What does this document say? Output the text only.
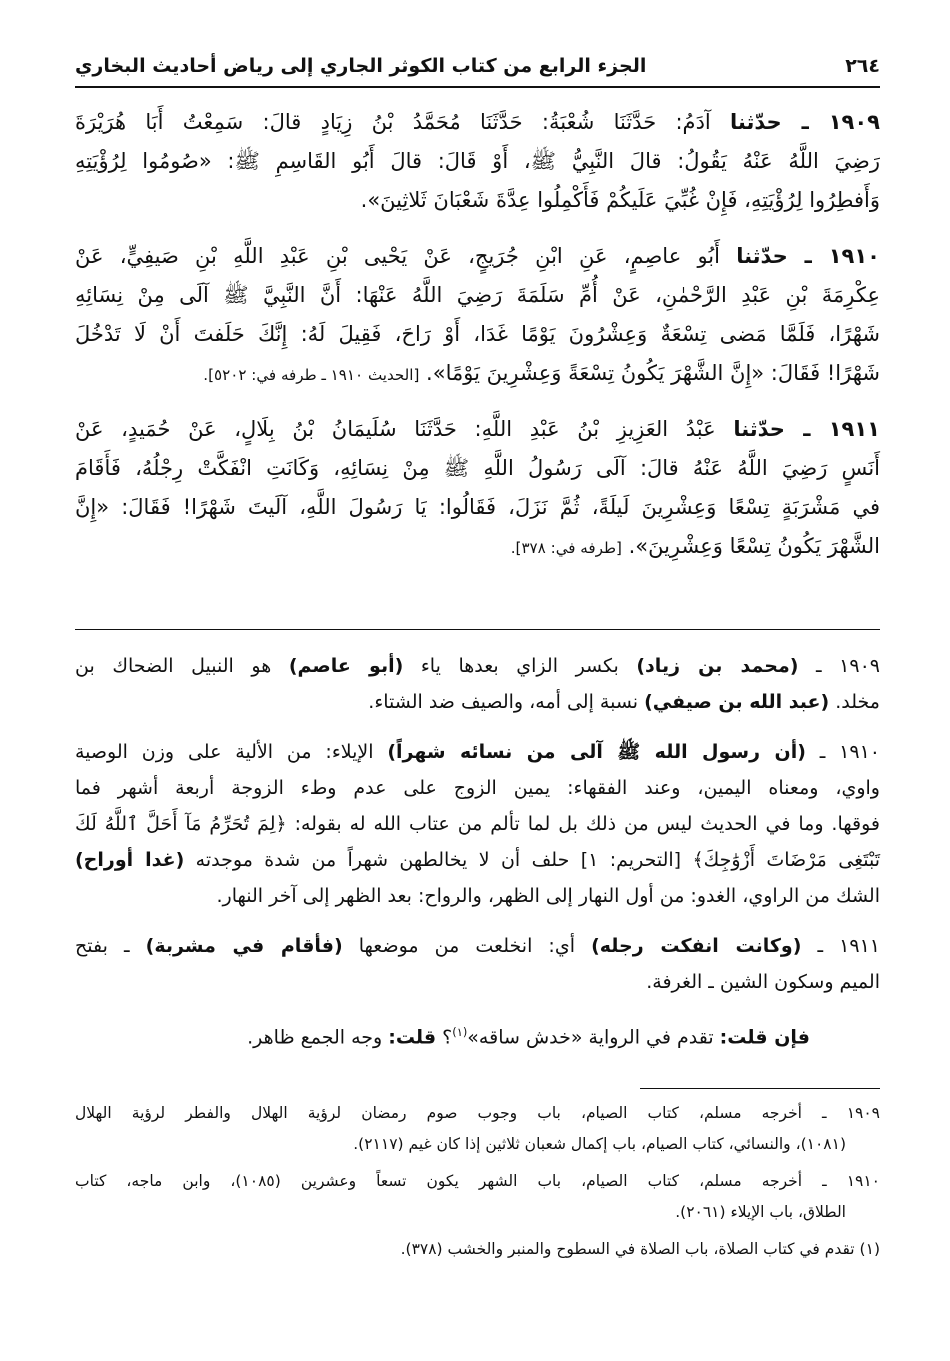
٢٦٤
الجزء الرابع من كتاب الكوثر الجاري إلى رياض أحاديث البخاري
١٩٠٩ ـ حدّثنا آدَمُ: حَدَّثَنَا شُعْبَةُ: حَدَّثَنَا مُحَمَّدُ بْنُ زِيَادٍ قالَ: سَمِعْتُ أَبَا هُرَيْرَةَ
رَضِيَ اللَّهُ عَنْهُ يَقُولُ: قالَ النَّبِيُّ ﷺ، أَوْ قَالَ: قالَ أَبُو القَاسِمِ ﷺ: «صُومُوا لِرُؤْيَتِهِ
وَأَفطِرُوا لِرُؤْيَتِهِ، فَإِنْ غُبِّيَ عَلَيكُمْ فَأَكْمِلُوا عِدَّةَ شَعْبَانَ ثَلاثِينَ».
١٩١٠ ـ حدّثنا أَبُو عاصِمٍ، عَنِ ابْنِ جُرَيجٍ، عَنْ يَحْيى بْنِ عَبْدِ اللَّهِ بْنِ صَيفِيٍّ، عَنْ
عِكْرِمَةَ بْنِ عَبْدِ الرَّحْمٰنِ، عَنْ أُمِّ سَلَمَةَ رَضِيَ اللَّهُ عَنْهَا: أَنَّ النَّبِيَّ ﷺ آلَى مِنْ نِسَائِهِ
شَهْرًا، فَلَمَّا مَضى تِسْعَةٌ وَعِشْرُونَ يَوْمًا غَدَا، أَوْ رَاحَ، فَقِيلَ لَهُ: إِنَّكَ حَلَفتَ أَنْ لَا تَدْخُلَ
شَهْرًا! فَقَالَ: «إِنَّ الشَّهْرَ يَكُونُ تِسْعَةً وَعِشْرِينَ يَوْمًا». [الحديث ١٩١٠ ـ طرفه في: ٥٢٠٢].
١٩١١ ـ حدّثنا عَبْدُ العَزِيزِ بْنُ عَبْدِ اللَّهِ: حَدَّثَنَا سُلَيمَانُ بْنُ بِلَالٍ، عَنْ حُمَيدٍ، عَنْ
أَنَسٍ رَضِيَ اللَّهُ عَنْهُ قالَ: آلَى رَسُولُ اللَّهِ ﷺ مِنْ نِسَائِهِ، وَكَانَتِ انْفَكَّتْ رِجْلُهُ، فَأَقَامَ
في مَشْرَبَةٍ تِسْعًا وَعِشْرِينَ لَيلَةً، ثُمَّ نَزَلَ، فَقَالُوا: يَا رَسُولَ اللَّهِ، آلَيتَ شَهْرًا! فَقَالَ: «إِنَّ
الشَّهْرَ يَكُونُ تِسْعًا وَعِشْرِينَ». [طرفه في: ٣٧٨].
١٩٠٩ ـ (محمد بن زياد) بكسر الزاي بعدها ياء (أبو عاصم) هو النبيل الضحاك بن
مخلد. (عبد الله بن صيفي) نسبة إلى أمه، والصيف ضد الشتاء.
١٩١٠ ـ (أن رسول الله ﷺ آلى من نسائه شهراً) الإيلاء: من الألية على وزن الوصية
واوي، ومعناه اليمين، وعند الفقهاء: يمين الزوج على عدم وطء الزوجة أربعة أشهر فما
فوقها. وما في الحديث ليس من ذلك بل لما تألم من عتاب الله له بقوله: ﴿لِمَ تُحَرِّمُ مَآ أَحَلَّ ٱللَّهُ لَكَ
تَبْتَغِى مَرْضَاتَ أَزْوَٰجِكَ﴾ [التحريم: ١] حلف أن لا يخالطهن شهراً من شدة موجدته (غدا أوراح)
الشك من الراوي، الغدو: من أول النهار إلى الظهر، والرواح: بعد الظهر إلى آخر النهار.
١٩١١ ـ (وكانت انفكت رجله) أي: انخلعت من موضعها (فأقام في مشربة) ـ بفتح
الميم وسكون الشين ـ الغرفة.
فإن قلت: تقدم في الرواية «خدش ساقه»$^{(١)}$؟ قلت: وجه الجمع ظاهر.
١٩٠٩ ـ أخرجه مسلم، كتاب الصيام، باب وجوب صوم رمضان لرؤية الهلال والفطر لرؤية الهلال
(١٠٨١)، والنسائي، كتاب الصيام، باب إكمال شعبان ثلاثين إذا كان غيم (٢١١٧).
١٩١٠ ـ أخرجه مسلم، كتاب الصيام، باب الشهر يكون تسعاً وعشرين (١٠٨٥)، وابن ماجه، كتاب
الطلاق، باب الإيلاء (٢٠٦١).
(١) تقدم في كتاب الصلاة، باب الصلاة في السطوح والمنبر والخشب (٣٧٨).
